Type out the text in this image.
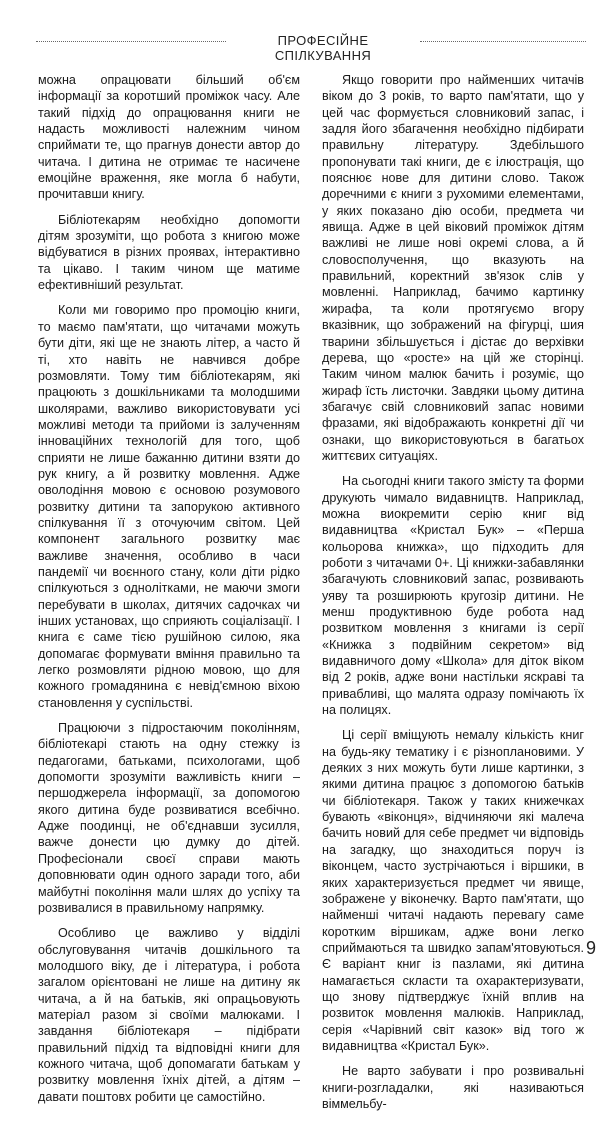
ПРОФЕСІЙНЕ СПІЛКУВАННЯ

можна опрацювати більший об'єм інформації за коротший проміжок часу. Але такий підхід до опрацювання книги не надасть можливості належним чином сприймати те, що прагнув донести автор до читача. І дитина не отримає те насичене емоційне враження, яке могла б набути, прочитавши книгу.

Бібліотекарям необхідно допомогти дітям зрозуміти, що робота з книгою може відбуватися в різних проявах, інтерактивно та цікаво. І таким чином ще матиме ефективніший результат.

Коли ми говоримо про промоцію книги, то маємо пам'ятати, що читачами можуть бути діти, які ще не знають літер, а часто й ті, хто навіть не навчився добре розмовляти. Тому тим бібліотекарям, які працюють з дошкільниками та молодшими школярами, важливо використовувати усі можливі методи та прийоми із залученням інноваційних технологій для того, щоб сприяти не лише бажанню дитини взяти до рук книгу, а й розвитку мовлення. Адже оволодіння мовою є основою розумового розвитку дитини та запорукою активного спілкування її з оточуючим світом. Цей компонент загального розвитку має важливе значення, особливо в часи пандемії чи воєнного стану, коли діти рідко спілкуються з однолітками, не маючи змоги перебувати в школах, дитячих садочках чи інших установах, що сприяють соціалізації. І книга є саме тією рушійною силою, яка допомагає формувати вміння правильно та легко розмовляти рідною мовою, що для кожного громадянина є невід'ємною віхою становлення у суспільстві.

Працюючи з підростаючим поколінням, бібліотекарі стають на одну стежку із педагогами, батьками, психологами, щоб допомогти зрозуміти важливість книги – першоджерела інформації, за допомогою якого дитина буде розвиватися всебічно. Адже поодинці, не об'єднавши зусилля, важче донести цю думку до дітей. Професіонали своєї справи мають доповнювати один одного заради того, аби майбутні покоління мали шлях до успіху та розвивалися в правильному напрямку.

Особливо це важливо у відділі обслуговування читачів дошкільного та молодшого віку, де і література, і робота загалом орієнтовані не лише на дитину як читача, а й на батьків, які опрацьовують матеріал разом зі своїми малюками. І завдання бібліотекаря – підібрати правильний підхід та відповідні книги для кожного читача, щоб допомагати батькам у розвитку мовлення їхніх дітей, а дітям – давати поштовх робити це самостійно.

Якщо говорити про найменших читачів віком до 3 років, то варто пам'ятати, що у цей час формується словниковий запас, і задля його збагачення необхідно підбирати правильну літературу. Здебільшого пропонувати такі книги, де є ілюстрація, що пояснює нове для дитини слово. Також доречними є книги з рухомими елементами, у яких показано дію особи, предмета чи явища. Адже в цей віковий проміжок дітям важливі не лише нові окремі слова, а й словосполучення, що вказують на правильний, коректний зв'язок слів у мовленні. Наприклад, бачимо картинку жирафа, та коли протягуємо вгору вказівник, що зображений на фігурці, шия тварини збільшується і дістає до верхівки дерева, що «росте» на цій же сторінці. Таким чином малюк бачить і розуміє, що жираф їсть листочки. Завдяки цьому дитина збагачує свій словниковий запас новими фразами, які відображають конкретні дії чи ознаки, що використовуються в багатьох життєвих ситуаціях.

На сьогодні книги такого змісту та форми друкують чимало видавництв. Наприклад, можна виокремити серію книг від видавництва «Кристал Бук» – «Перша кольорова книжка», що підходить для роботи з читачами 0+. Ці книжки-забавлянки збагачують словниковий запас, розвивають уяву та розширюють кругозір дитини. Не менш продуктивною буде робота над розвитком мовлення з книгами із серії «Книжка з подвійним секретом» від видавничого дому «Школа» для діток віком від 2 років, адже вони настільки яскраві та привабливі, що малята одразу помічають їх на полицях.

Ці серії вміщують немалу кількість книг на будь-яку тематику і є різноплановими. У деяких з них можуть бути лише картинки, з якими дитина працює з допомогою батьків чи бібліотекаря. Також у таких книжечках бувають «віконця», відчиняючи які малеча бачить новий для себе предмет чи відповідь на загадку, що знаходиться поруч із віконцем, часто зустрічаються і віршики, в яких характеризується предмет чи явище, зображене у віконечку. Варто пам'ятати, що найменші читачі надають перевагу саме коротким віршикам, адже вони легко сприймаються та швидко запам'ятовуються. Є варіант книг із пазлами, які дитина намагається скласти та охарактеризувати, що знову підтверджує їхній вплив на розвиток мовлення малюків. Наприклад, серія «Чарівний світ казок» від того ж видавництва «Кристал Бук».

Не варто забувати і про розвивальні книги-розгладалки, які називаються віммельбу-

9
